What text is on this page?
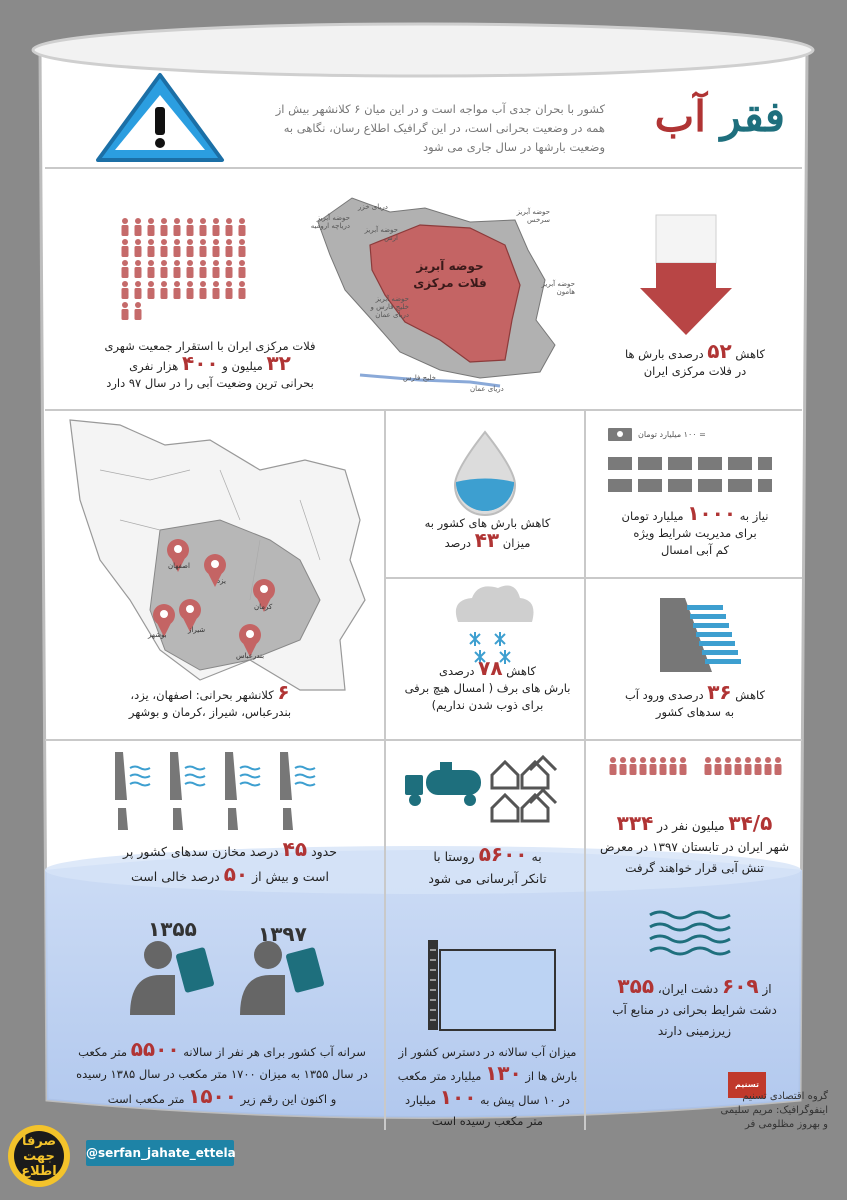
فقر آب
کشور با بحران جدی آب مواجه است و در این میان ۶ کلانشهر بیش از همه در وضعیت بحرانی است، در این گرافیک اطلاع رسان، نگاهی به وضعیت بارشها در سال جاری می شود
کاهش ۵۲ درصدی بارش ها
در فلات مرکزی ایران
حوضه آبریز فلات مرکزی
دریای خزر
حوضه آبریز دریاچه ارومیه	حوضه آبریز ارس
حوضه آبریز سرخس
حوضه آبریز هامون
حوضه آبریز خلیج فارس و دریای عمان
خلیج فارس
دریای عمان
فلات مرکزی ایران با استقرار جمعیت شهری
۳۲ میلیون و ۴۰۰ هزار نفری
بحرانی ترین وضعیت آبی را در سال ۹۷ دارد
اصفهان
یزد
کرمان
شیراز
بوشهر
بندرعباس
۶ کلانشهر بحرانی: اصفهان، یزد،
بندرعباس، شیراز ،کرمان و بوشهر
کاهش بارش های کشور به
میزان ۴۳ درصد
= ۱۰۰ میلیارد تومان
نیاز به ۱۰۰۰ میلیارد تومان
برای مدیریت شرایط ویژه
کم آبی امسال
کاهش ۷۸ درصدی
بارش های برف ( امسال هیچ برفی
برای ذوب شدن نداریم)
کاهش ۳۶ درصدی ورود آب
به سدهای کشور
حدود ۴۵ درصد مخازن سدهای کشور پر
است و بیش از ۵۰ درصد خالی است
به ۵۶۰۰ روستا با
تانکر آبرسانی می شود
۳۴/۵ میلیون نفر در ۳۳۴
شهر ایران در تابستان ۱۳۹۷ در معرض
تنش آبی قرار خواهند گرفت
۱۳۵۵	۱۳۹۷
سرانه آب کشور برای هر نفر از سالانه ۵۵۰۰ متر مکعب
در سال ۱۳۵۵ به میزان ۱۷۰۰ متر مکعب در سال ۱۳۸۵ رسیده
و اکنون این رقم زیر ۱۵۰۰ متر مکعب است
میزان آب سالانه در دسترس کشور از
بارش ها از ۱۳۰ میلیارد متر مکعب
در ۱۰ سال پیش به ۱۰۰ میلیارد
متر مکعب رسیده است
از ۶۰۹ دشت ایران، ۳۵۵
دشت شرایط بحرانی در منابع آب
زیرزمینی دارند
تسنیم
گروه اقتصادی تسنیم
اینفوگرافیک: مریم سلیمی
و بهروز مظلومی فر
@serfan_jahate_ettela
صرفا جهت اطلاع
